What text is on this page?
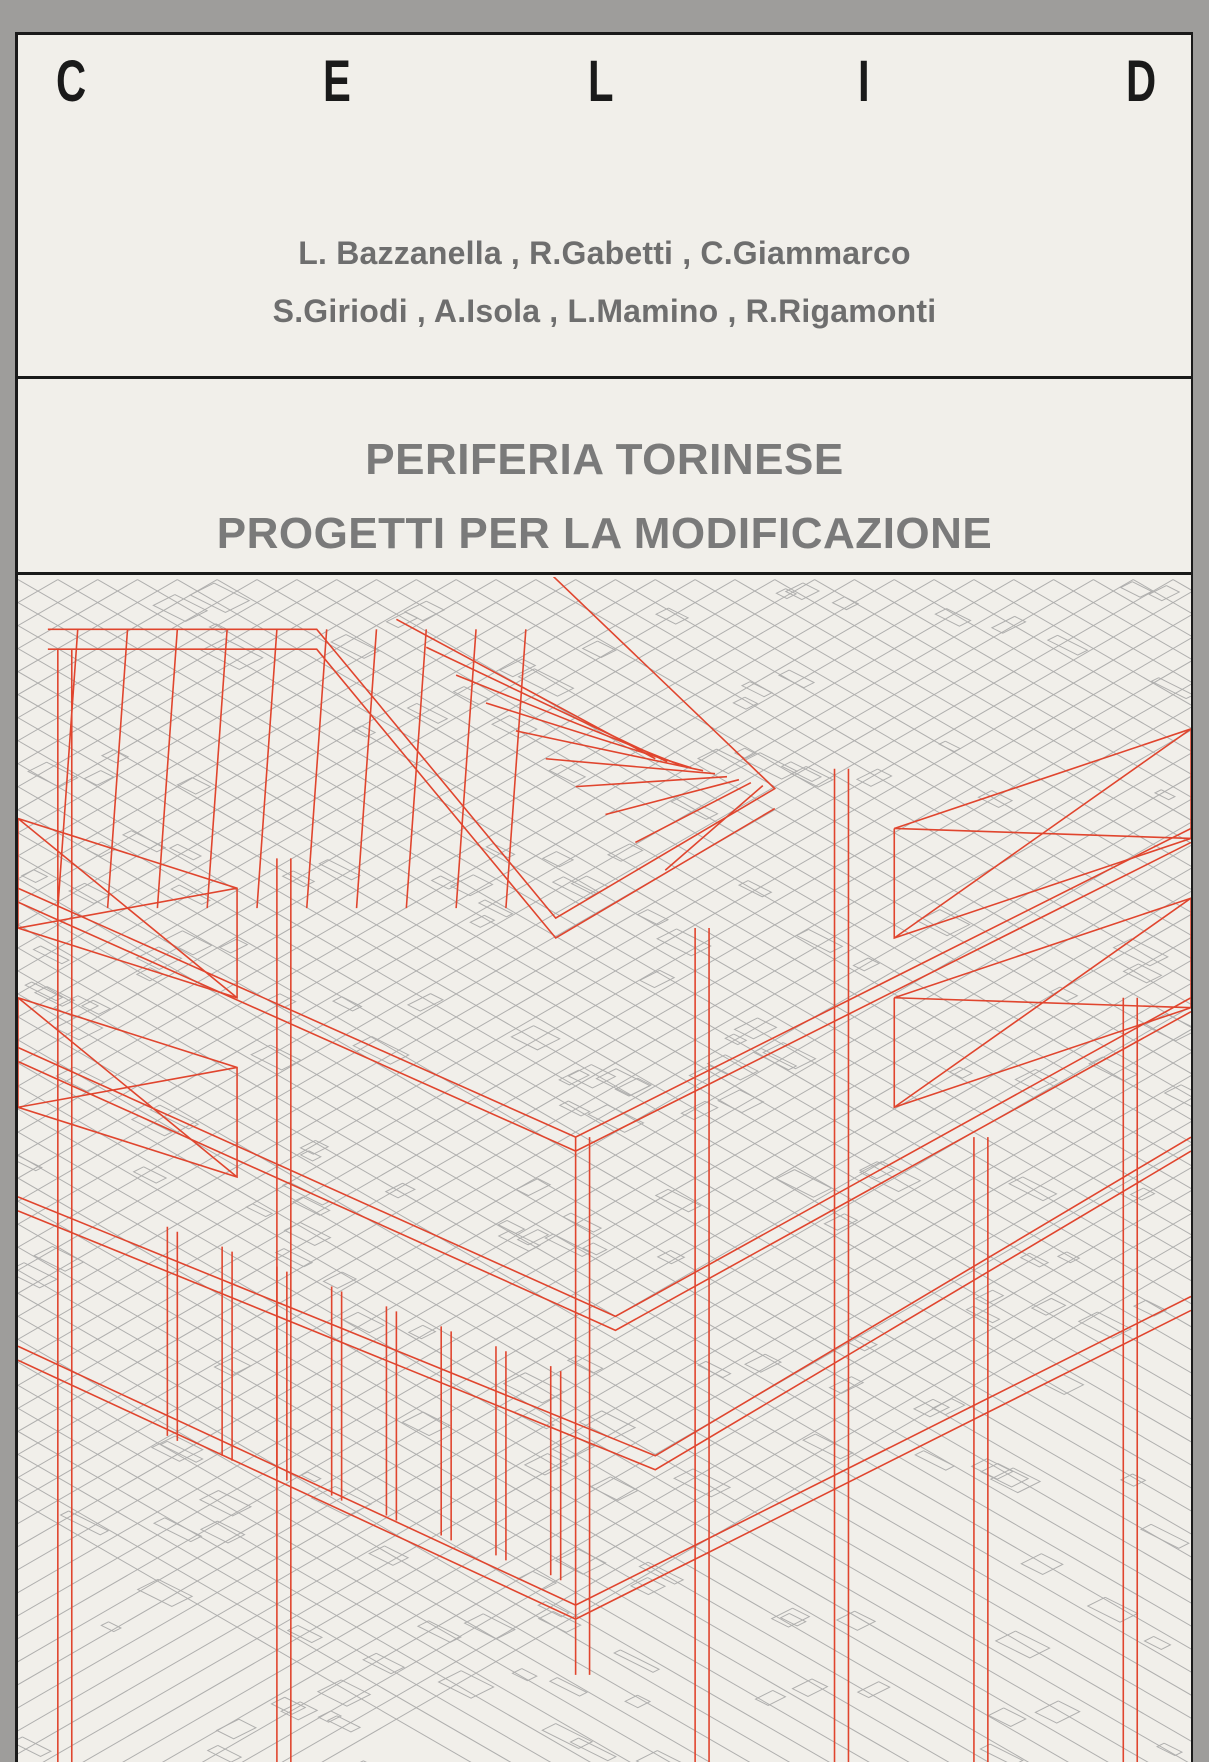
C	E	L	I	D
L. Bazzanella , R.Gabetti , C.Giammarco
S.Giriodi , A.Isola , L.Mamino , R.Rigamonti
PERIFERIA TORINESE
PROGETTI PER LA MODIFICAZIONE
